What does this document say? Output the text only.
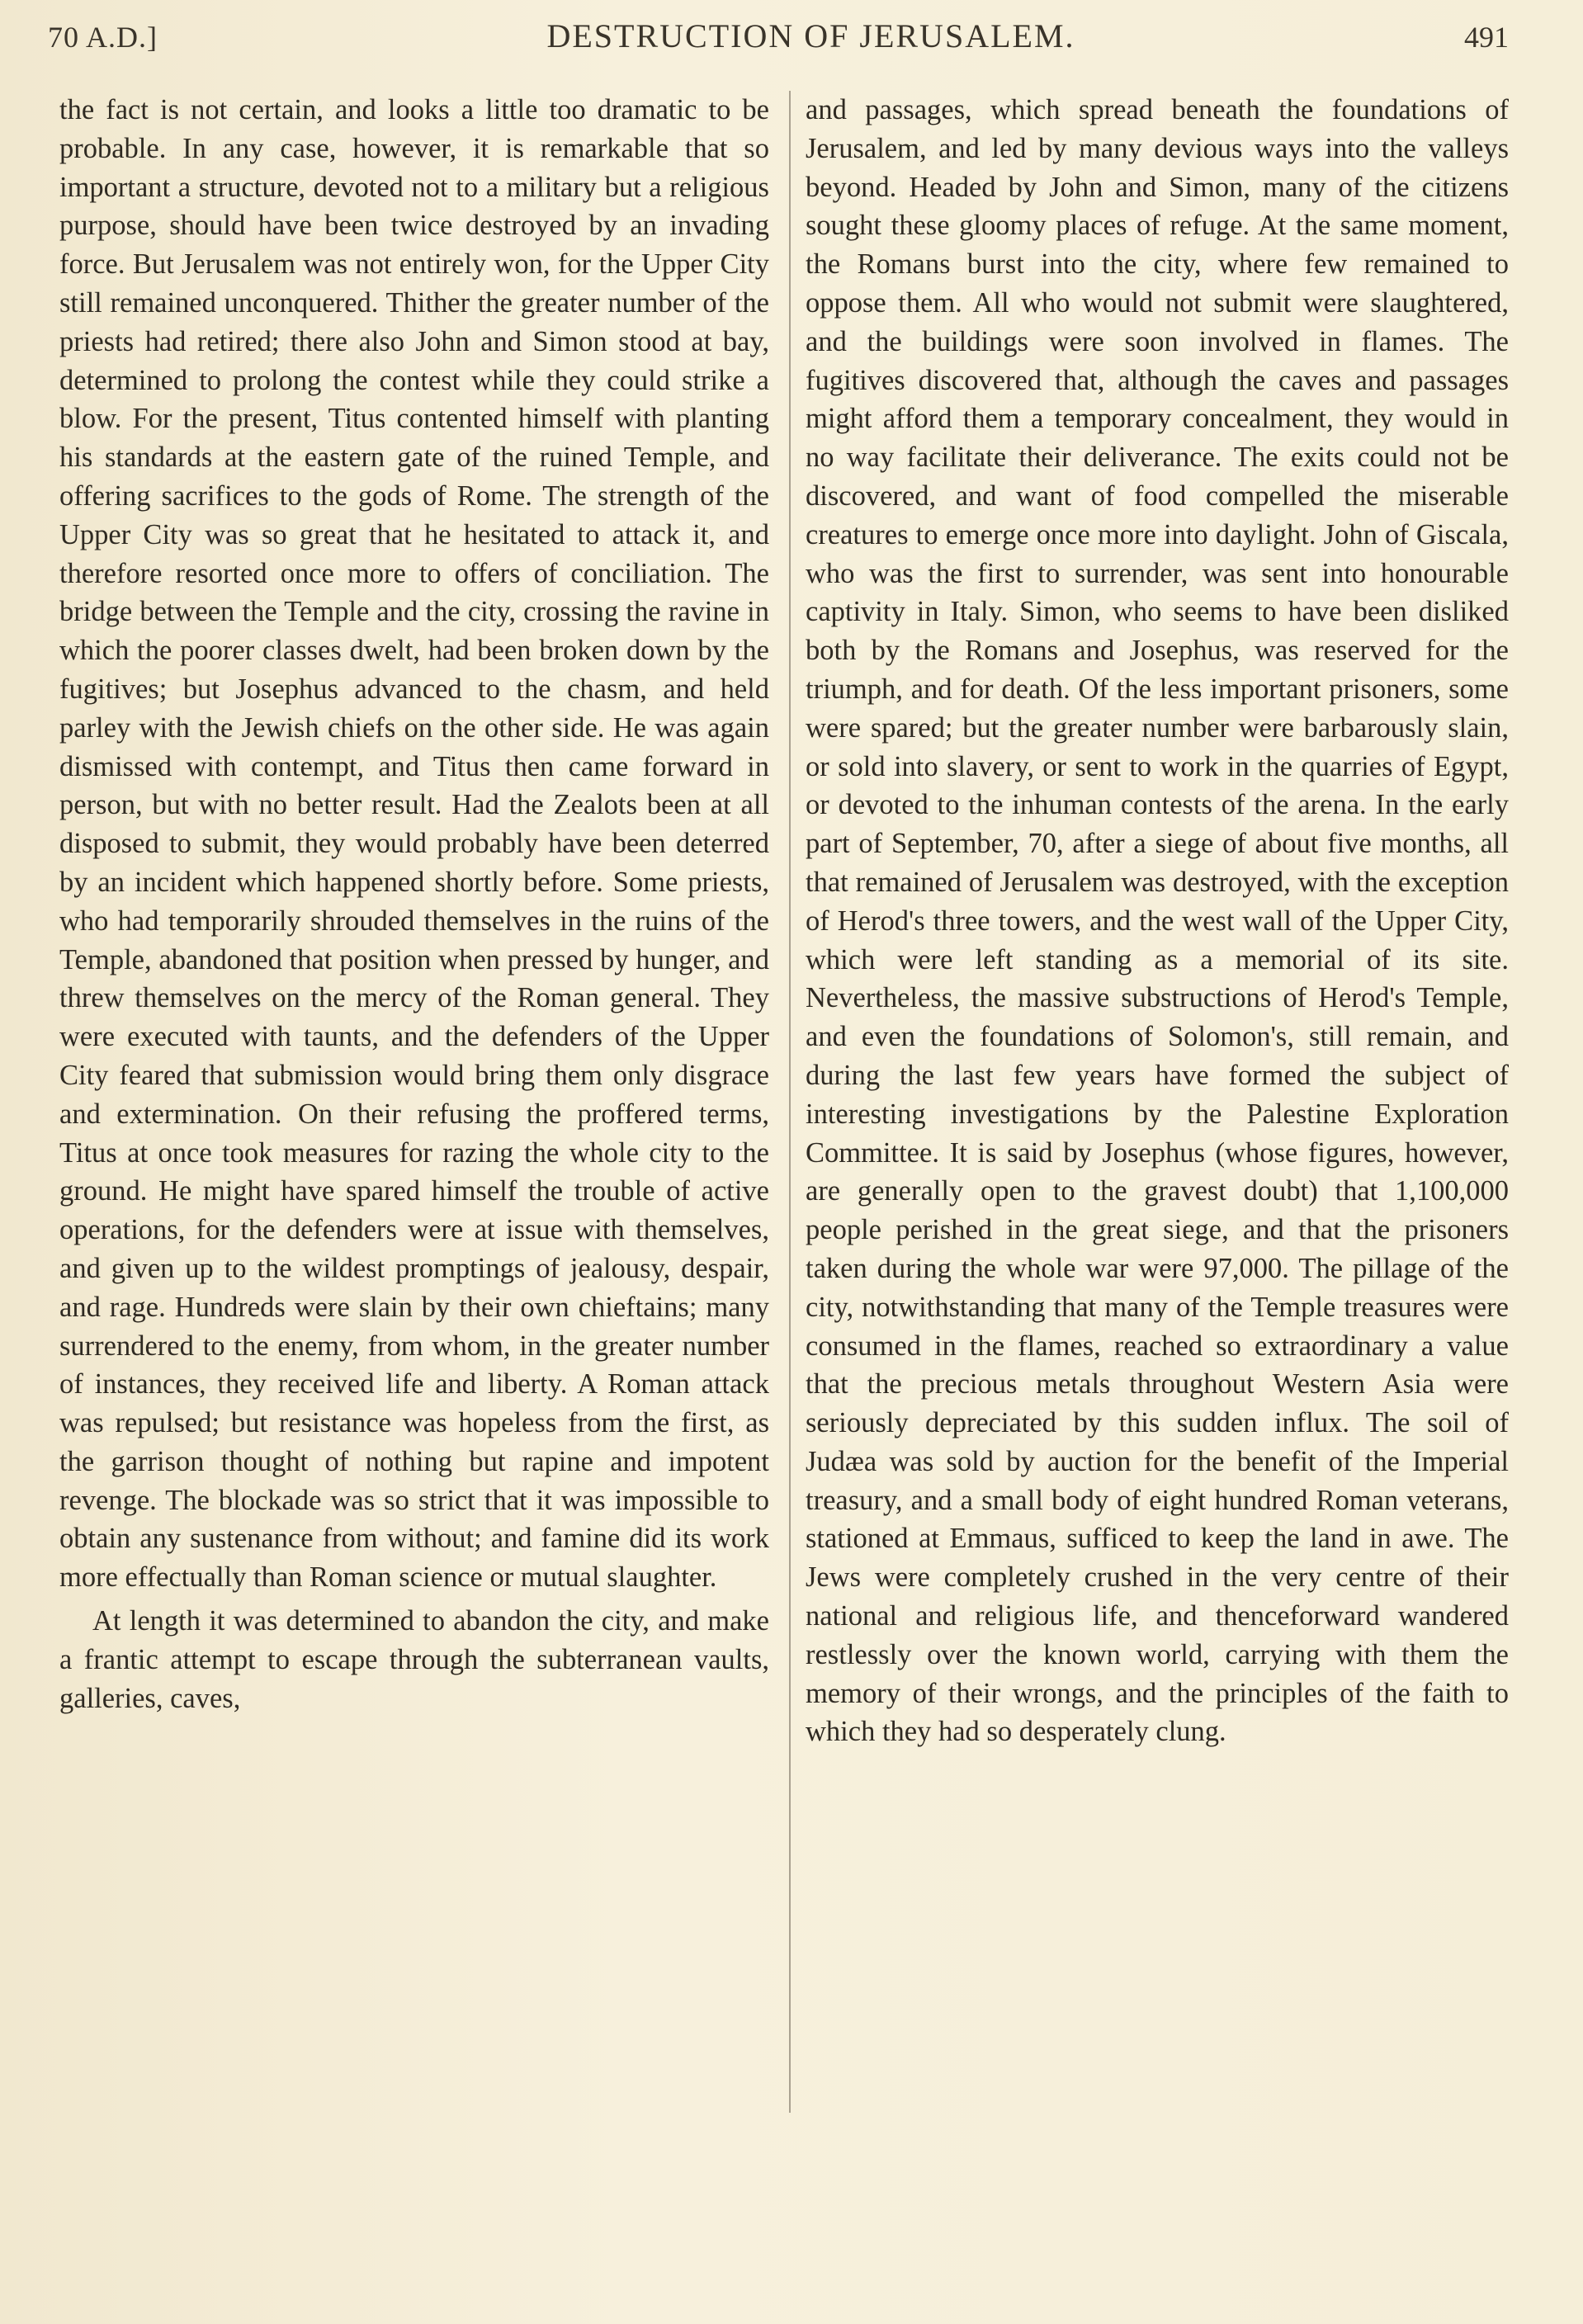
70 A.D.]	DESTRUCTION OF JERUSALEM.	491

the fact is not certain, and looks a little too dramatic to be probable. In any case, however, it is remarkable that so important a structure, devoted not to a military but a religious purpose, should have been twice destroyed by an invading force. But Jerusalem was not entirely won, for the Upper City still remained unconquered. Thither the greater number of the priests had retired; there also John and Simon stood at bay, determined to prolong the contest while they could strike a blow. For the present, Titus contented himself with planting his standards at the eastern gate of the ruined Temple, and offering sacrifices to the gods of Rome. The strength of the Upper City was so great that he hesitated to attack it, and therefore resorted once more to offers of conciliation. The bridge between the Temple and the city, crossing the ravine in which the poorer classes dwelt, had been broken down by the fugitives; but Josephus advanced to the chasm, and held parley with the Jewish chiefs on the other side. He was again dismissed with contempt, and Titus then came forward in person, but with no better result. Had the Zealots been at all disposed to submit, they would probably have been deterred by an incident which happened shortly before. Some priests, who had temporarily shrouded themselves in the ruins of the Temple, abandoned that position when pressed by hunger, and threw themselves on the mercy of the Roman general. They were executed with taunts, and the defenders of the Upper City feared that submission would bring them only disgrace and extermination. On their refusing the proffered terms, Titus at once took measures for razing the whole city to the ground. He might have spared himself the trouble of active operations, for the defenders were at issue with themselves, and given up to the wildest promptings of jealousy, despair, and rage. Hundreds were slain by their own chieftains; many surrendered to the enemy, from whom, in the greater number of instances, they received life and liberty. A Roman attack was repulsed; but resistance was hopeless from the first, as the garrison thought of nothing but rapine and impotent revenge. The blockade was so strict that it was impossible to obtain any sustenance from without; and famine did its work more effectually than Roman science or mutual slaughter.

At length it was determined to abandon the city, and make a frantic attempt to escape through the subterranean vaults, galleries, caves,

and passages, which spread beneath the foundations of Jerusalem, and led by many devious ways into the valleys beyond. Headed by John and Simon, many of the citizens sought these gloomy places of refuge. At the same moment, the Romans burst into the city, where few remained to oppose them. All who would not submit were slaughtered, and the buildings were soon involved in flames. The fugitives discovered that, although the caves and passages might afford them a temporary concealment, they would in no way facilitate their deliverance. The exits could not be discovered, and want of food compelled the miserable creatures to emerge once more into daylight. John of Giscala, who was the first to surrender, was sent into honourable captivity in Italy. Simon, who seems to have been disliked both by the Romans and Josephus, was reserved for the triumph, and for death. Of the less important prisoners, some were spared; but the greater number were barbarously slain, or sold into slavery, or sent to work in the quarries of Egypt, or devoted to the inhuman contests of the arena. In the early part of September, 70, after a siege of about five months, all that remained of Jerusalem was destroyed, with the exception of Herod's three towers, and the west wall of the Upper City, which were left standing as a memorial of its site. Nevertheless, the massive substructions of Herod's Temple, and even the foundations of Solomon's, still remain, and during the last few years have formed the subject of interesting investigations by the Palestine Exploration Committee. It is said by Josephus (whose figures, however, are generally open to the gravest doubt) that 1,100,000 people perished in the great siege, and that the prisoners taken during the whole war were 97,000. The pillage of the city, notwithstanding that many of the Temple treasures were consumed in the flames, reached so extraordinary a value that the precious metals throughout Western Asia were seriously depreciated by this sudden influx. The soil of Judæa was sold by auction for the benefit of the Imperial treasury, and a small body of eight hundred Roman veterans, stationed at Emmaus, sufficed to keep the land in awe. The Jews were completely crushed in the very centre of their national and religious life, and thenceforward wandered restlessly over the known world, carrying with them the memory of their wrongs, and the principles of the faith to which they had so desperately clung.
